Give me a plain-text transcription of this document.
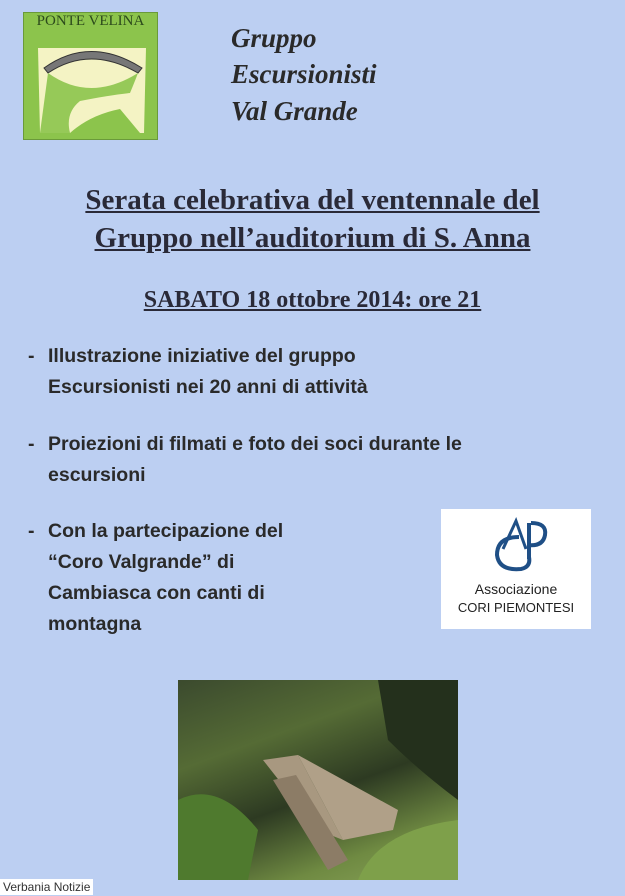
PONTE VELINA
Gruppo
Escursionisti
Val Grande
Serata celebrativa del ventennale del
Gruppo nell’auditorium di S. Anna
SABATO 18 ottobre 2014: ore 21
- Illustrazione iniziative del gruppo
Escursionisti nei 20 anni di attività
- Proiezioni di filmati e foto dei soci durante le
escursioni
- Con la partecipazione del
“Coro Valgrande” di
Cambiasca con canti di
montagna
Associazione
CORI PIEMONTESI
Verbania Notizie
